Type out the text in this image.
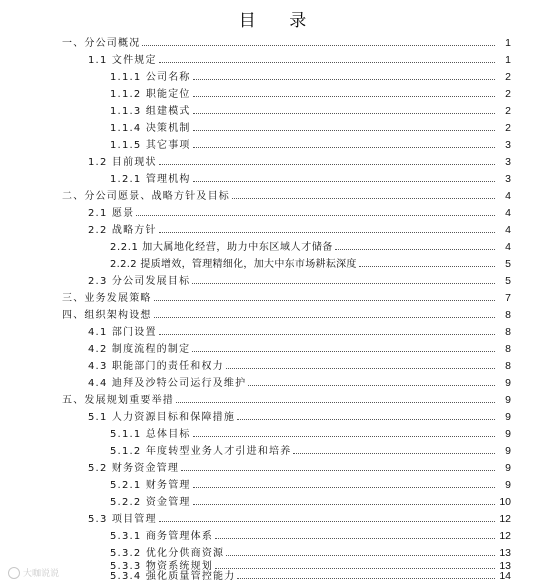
目 录
一、分公司概况	1
1.1 文件规定	1
1.1.1 公司名称	2
1.1.2 职能定位	2
1.1.3 组建模式	2
1.1.4 决策机制	2
1.1.5 其它事项	3
1.2 目前现状	3
1.2.1 管理机构	3
二、分公司愿景、战略方针及目标	4
2.1 愿景	4
2.2 战略方针	4
2.2.1 加大属地化经营，助力中东区域人才储备	4
2.2.2 提质增效，管理精细化，加大中东市场耕耘深度	5
2.3 分公司发展目标	5
三、业务发展策略	7
四、组织架构设想	8
4.1 部门设置	8
4.2 制度流程的制定	8
4.3 职能部门的责任和权力	8
4.4 迪拜及沙特公司运行及维护	9
五、发展规划重要举措	9
5.1 人力资源目标和保障措施	9
5.1.1 总体目标	9
5.1.2 年度转型业务人才引进和培养	9
5.2 财务资金管理	9
5.2.1 财务管理	9
5.2.2 资金管理	10
5.3 项目管理	12
5.3.1 商务管理体系	12
5.3.2 优化分供商资源	13
5.3.3 物资系统规划	13
5.3.4 强化质量管控能力	14
大咖说说
